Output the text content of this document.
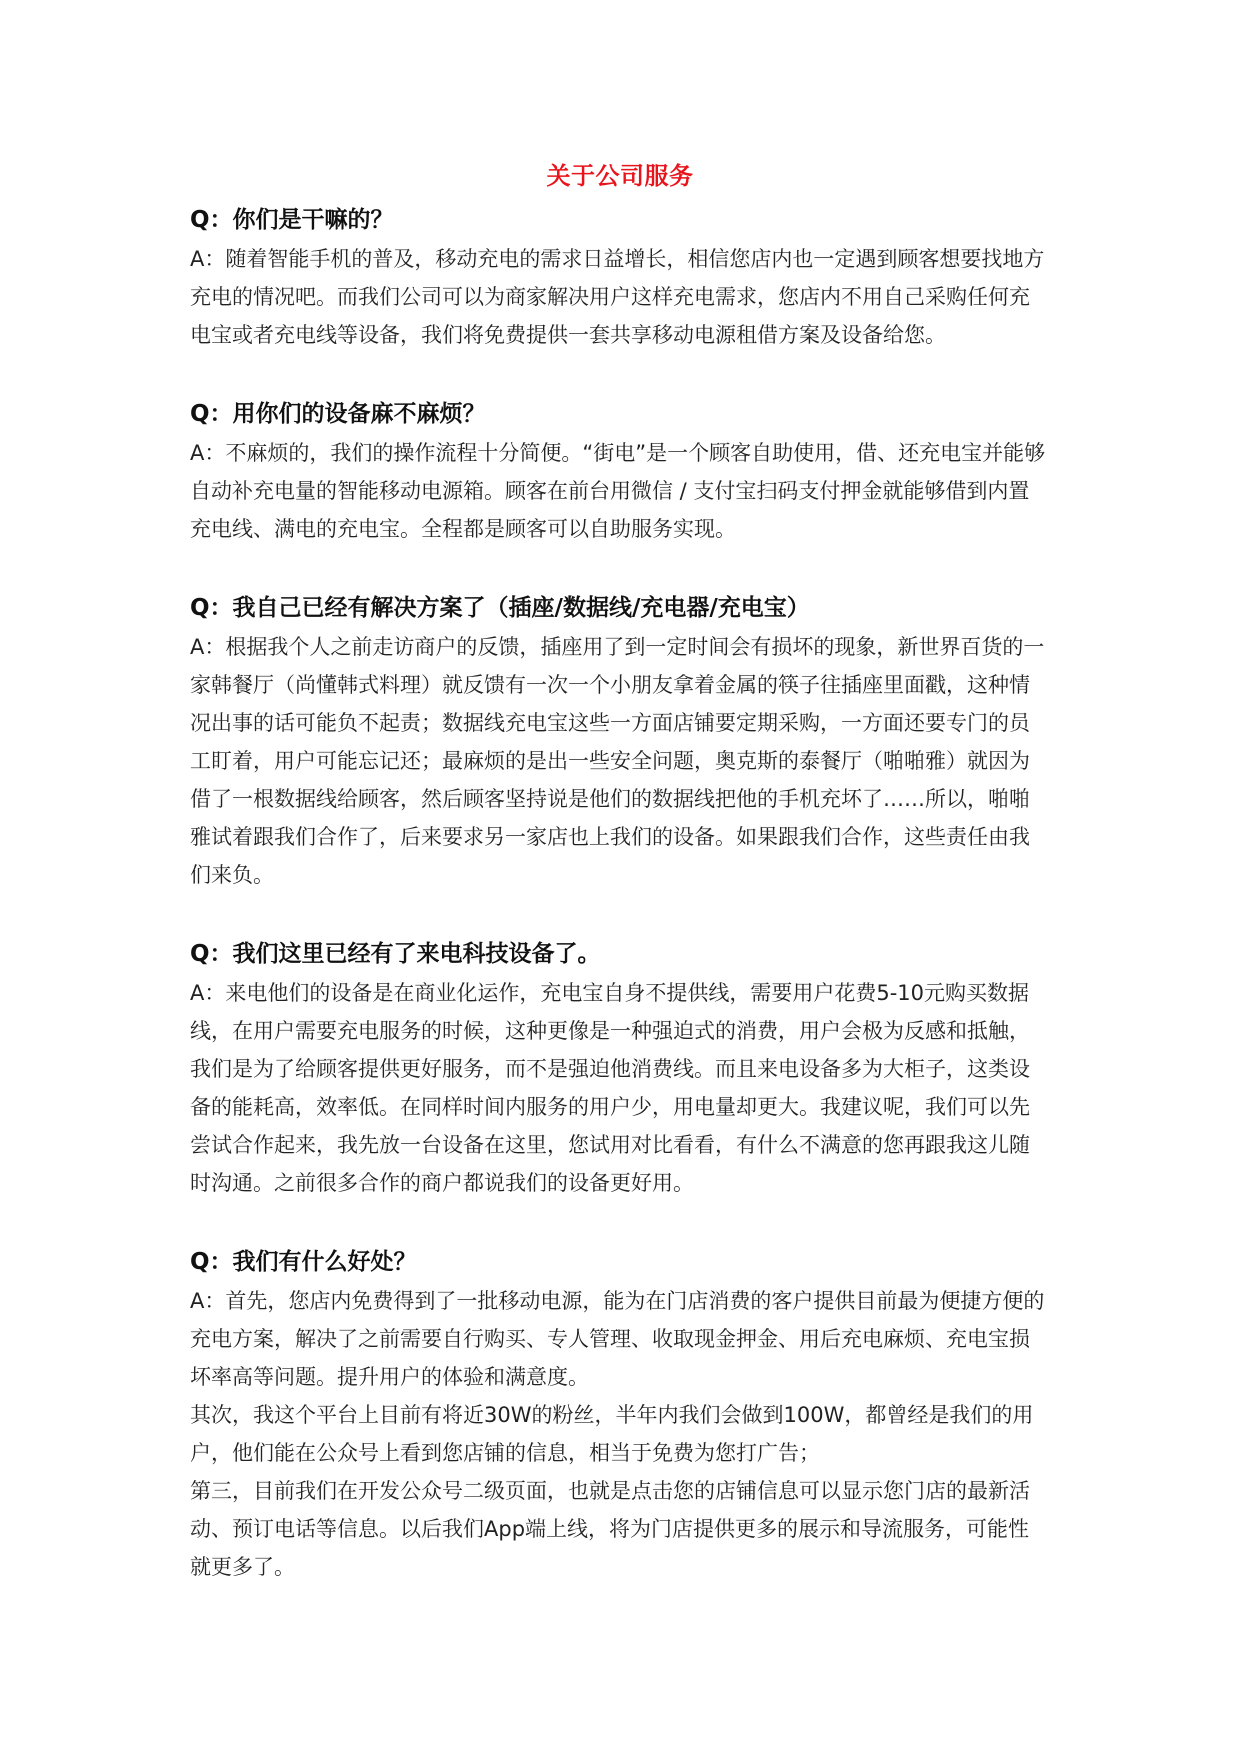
关于公司服务

Q：你们是干嘛的？

A：随着智能手机的普及，移动充电的需求日益增长，相信您店内也一定遇到顾客想要找地方充电的情况吧。而我们公司可以为商家解决用户这样充电需求，您店内不用自己采购任何充电宝或者充电线等设备，我们将免费提供一套共享移动电源租借方案及设备给您。

Q：用你们的设备麻不麻烦？

A：不麻烦的，我们的操作流程十分简便。“街电”是一个顾客自助使用，借、还充电宝并能够自动补充电量的智能移动电源箱。顾客在前台用微信 / 支付宝扫码支付押金就能够借到内置充电线、满电的充电宝。全程都是顾客可以自助服务实现。

Q：我自己已经有解决方案了（插座/数据线/充电器/充电宝）

A：根据我个人之前走访商户的反馈，插座用了到一定时间会有损坏的现象，新世界百货的一家韩餐厅（尚懂韩式料理）就反馈有一次一个小朋友拿着金属的筷子往插座里面戳，这种情况出事的话可能负不起责；数据线充电宝这些一方面店铺要定期采购，一方面还要专门的员工盯着，用户可能忘记还；最麻烦的是出一些安全问题，奥克斯的泰餐厅（啪啪雅）就因为借了一根数据线给顾客，然后顾客坚持说是他们的数据线把他的手机充坏了……所以，啪啪雅试着跟我们合作了，后来要求另一家店也上我们的设备。如果跟我们合作，这些责任由我们来负。

Q：我们这里已经有了来电科技设备了。

A：来电他们的设备是在商业化运作，充电宝自身不提供线，需要用户花费5-10元购买数据线，在用户需要充电服务的时候，这种更像是一种强迫式的消费，用户会极为反感和抵触，我们是为了给顾客提供更好服务，而不是强迫他消费线。而且来电设备多为大柜子，这类设备的能耗高，效率低。在同样时间内服务的用户少，用电量却更大。我建议呢，我们可以先尝试合作起来，我先放一台设备在这里，您试用对比看看，有什么不满意的您再跟我这儿随时沟通。之前很多合作的商户都说我们的设备更好用。

Q：我们有什么好处？

A：首先，您店内免费得到了一批移动电源，能为在门店消费的客户提供目前最为便捷方便的充电方案，解决了之前需要自行购买、专人管理、收取现金押金、用后充电麻烦、充电宝损坏率高等问题。提升用户的体验和满意度。

其次，我这个平台上目前有将近30W的粉丝，半年内我们会做到100W，都曾经是我们的用户，他们能在公众号上看到您店铺的信息，相当于免费为您打广告；

第三，目前我们在开发公众号二级页面，也就是点击您的店铺信息可以显示您门店的最新活动、预订电话等信息。以后我们App端上线，将为门店提供更多的展示和导流服务，可能性就更多了。
